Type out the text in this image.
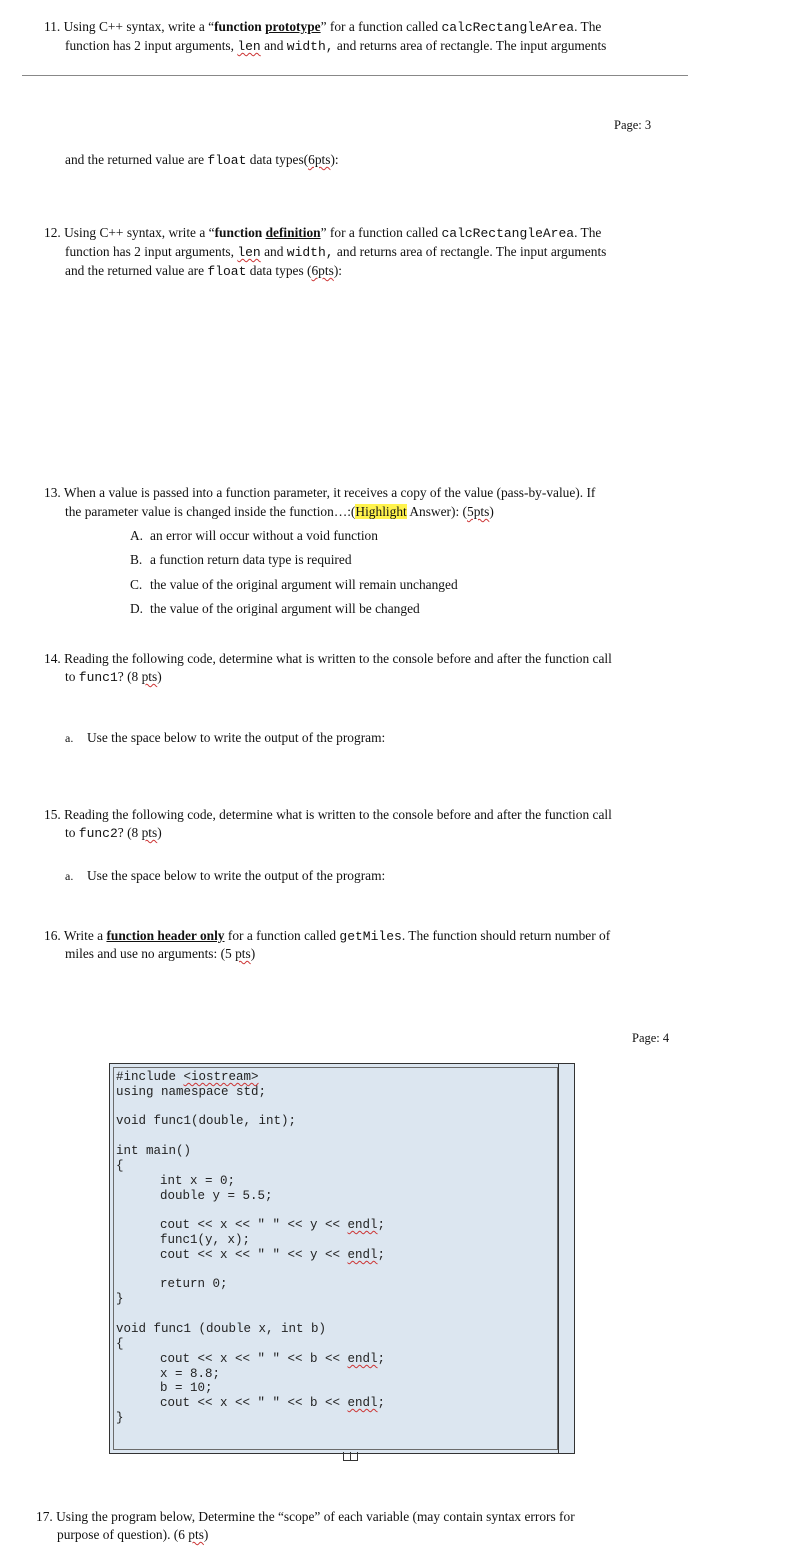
11. Using C++ syntax, write a “function prototype” for a function called calcRectangleArea. The
function has 2 input arguments, len and width, and returns area of rectangle. The input arguments
Page: 3
and the returned value are float data types(6pts):
12. Using C++ syntax, write a “function definition” for a function called calcRectangleArea. The
function has 2 input arguments, len and width, and returns area of rectangle. The input arguments
and the returned value are float data types (6pts):
13. When a value is passed into a function parameter, it receives a copy of the value (pass-by-value). If
the parameter value is changed inside the function…:(Highlight Answer): (5pts)
A. an error will occur without a void function
B. a function return data type is required
C. the value of the original argument will remain unchanged
D. the value of the original argument will be changed
14. Reading the following code, determine what is written to the console before and after the function call
to func1? (8 pts)
a. Use the space below to write the output of the program:
15. Reading the following code, determine what is written to the console before and after the function call
to func2? (8 pts)
a. Use the space below to write the output of the program:
16. Write a function header only for a function called getMiles. The function should return number of
miles and use no arguments: (5 pts)
Page: 4
#include <iostream>
using namespace std;
void func1(double, int);
int main()
{
int x = 0;
double y = 5.5;
cout << x << " " << y << endl;
func1(y, x);
cout << x << " " << y << endl;
return 0;
}
void func1 (double x, int b)
{
cout << x << " " << b << endl;
x = 8.8;
b = 10;
cout << x << " " << b << endl;
}
17. Using the program below, Determine the “scope” of each variable (may contain syntax errors for
purpose of question). (6 pts)
